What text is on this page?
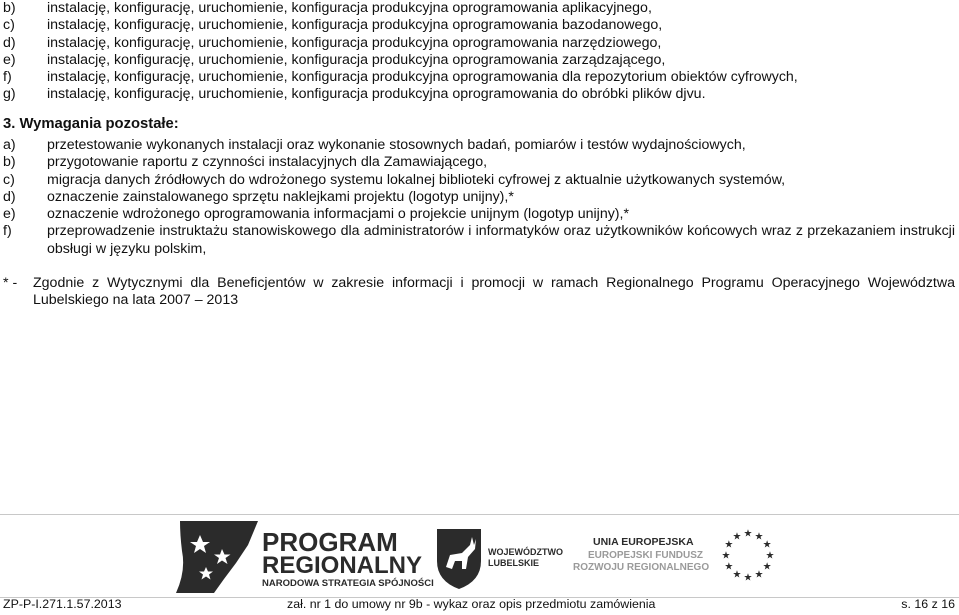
b)	instalację, konfigurację, uruchomienie, konfiguracja produkcyjna oprogramowania aplikacyjnego,
c)	instalację, konfigurację, uruchomienie, konfiguracja produkcyjna oprogramowania bazodanowego,
d)	instalację, konfigurację, uruchomienie, konfiguracja produkcyjna oprogramowania narzędziowego,
e)	instalację, konfigurację, uruchomienie, konfiguracja produkcyjna oprogramowania zarządzającego,
f)	instalację, konfigurację, uruchomienie, konfiguracja produkcyjna oprogramowania dla repozytorium obiektów cyfrowych,
g)	instalację, konfigurację, uruchomienie, konfiguracja produkcyjna oprogramowania do obróbki plików djvu.
3. Wymagania pozostałe:
a)	przetestowanie wykonanych instalacji oraz wykonanie stosownych badań, pomiarów i testów wydajnościowych,
b)	przygotowanie raportu z czynności instalacyjnych dla Zamawiającego,
c)	migracja danych źródłowych do wdrożonego systemu lokalnej biblioteki cyfrowej z aktualnie użytkowanych systemów,
d)	oznaczenie zainstalowanego sprzętu naklejkami projektu (logotyp unijny),*
e)	oznaczenie wdrożonego oprogramowania informacjami o projekcie unijnym (logotyp unijny),*
f)	przeprowadzenie instruktażu stanowiskowego dla administratorów i informatyków oraz użytkowników końcowych wraz z przekazaniem instrukcji obsługi w języku polskim,
* -	Zgodnie z Wytycznymi dla Beneficjentów w zakresie informacji i promocji w ramach Regionalnego Programu Operacyjnego Województwa Lubelskiego na lata 2007 – 2013
PROGRAM
REGIONALNY
NARODOWA STRATEGIA SPÓJNOŚCI
WOJEWÓDZTWO
LUBELSKIE
UNIA EUROPEJSKA
EUROPEJSKI FUNDUSZ
ROZWOJU REGIONALNEGO
★
★
★
★
★
★
★
★
★ ★ ★
★
ZP-P-I.271.1.57.2013	zał. nr 1 do umowy nr 9b - wykaz oraz opis przedmiotu zamówienia	s. 16 z 16
